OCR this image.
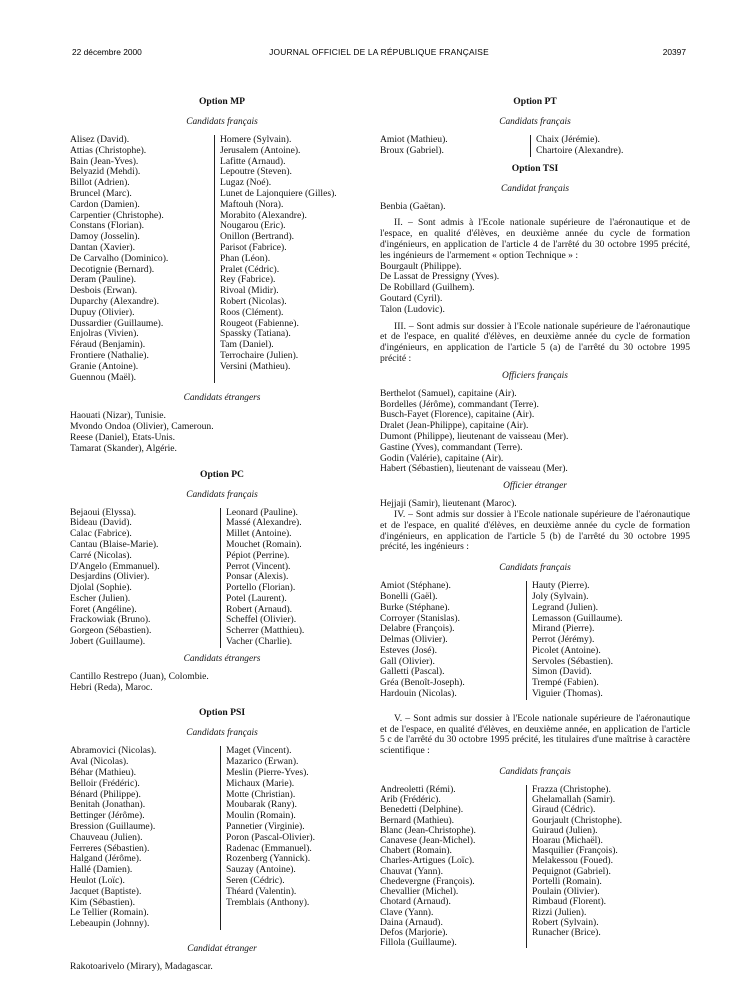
22 décembre 2000	JOURNAL OFFICIEL DE LA RÉPUBLIQUE FRANÇAISE	20397
Option MP
Candidats français
Alisez (David).
Attias (Christophe).
Bain (Jean-Yves).
Belyazid (Mehdi).
Billot (Adrien).
Bruncel (Marc).
Cardon (Damien).
Carpentier (Christophe).
Constans (Florian).
Damoy (Josselin).
Dantan (Xavier).
De Carvalho (Dominico).
Decotignie (Bernard).
Deram (Pauline).
Desbois (Erwan).
Duparchy (Alexandre).
Dupuy (Olivier).
Dussardier (Guillaume).
Enjolras (Vivien).
Féraud (Benjamin).
Frontiere (Nathalie).
Granie (Antoine).
Guennou (Maël).
Homere (Sylvain).
Jerusalem (Antoine).
Lafitte (Arnaud).
Lepoutre (Steven).
Lugaz (Noé).
Lunet de Lajonquiere (Gilles).
Maftouh (Nora).
Morabito (Alexandre).
Nougarou (Eric).
Onillon (Bertrand).
Parisot (Fabrice).
Phan (Léon).
Pralet (Cédric).
Rey (Fabrice).
Rivoal (Midir).
Robert (Nicolas).
Roos (Clément).
Rougeot (Fabienne).
Spassky (Tatiana).
Tam (Daniel).
Terrochaire (Julien).
Versini (Mathieu).
Candidats étrangers
Haouati (Nizar), Tunisie.
Mvondo Ondoa (Olivier), Cameroun.
Reese (Daniel), Etats-Unis.
Tamarat (Skander), Algérie.
Option PC
Candidats français
Bejaoui (Elyssa).
Bideau (David).
Calac (Fabrice).
Cantau (Blaise-Marie).
Carré (Nicolas).
D'Angelo (Emmanuel).
Desjardins (Olivier).
Djolal (Sophie).
Escher (Julien).
Foret (Angéline).
Frackowiak (Bruno).
Gorgeon (Sébastien).
Jobert (Guillaume).
Leonard (Pauline).
Massé (Alexandre).
Millet (Antoine).
Mouchet (Romain).
Pépiot (Perrine).
Perrot (Vincent).
Ponsar (Alexis).
Portello (Florian).
Potel (Laurent).
Robert (Arnaud).
Scheffel (Olivier).
Scherrer (Matthieu).
Vacher (Charlie).
Candidats étrangers
Cantillo Restrepo (Juan), Colombie.
Hebri (Reda), Maroc.
Option PSI
Candidats français
Abramovici (Nicolas).
Aval (Nicolas).
Béhar (Mathieu).
Belloir (Frédéric).
Bénard (Philippe).
Benitah (Jonathan).
Bettinger (Jérôme).
Bression (Guillaume).
Chauveau (Julien).
Ferreres (Sébastien).
Halgand (Jérôme).
Hallé (Damien).
Heulot (Loïc).
Jacquet (Baptiste).
Kim (Sébastien).
Le Tellier (Romain).
Lebeaupin (Johnny).
Maget (Vincent).
Mazarico (Erwan).
Meslin (Pierre-Yves).
Michaux (Marie).
Motte (Christian).
Moubarak (Rany).
Moulin (Romain).
Pannetier (Virginie).
Poron (Pascal-Olivier).
Radenac (Emmanuel).
Rozenberg (Yannick).
Sauzay (Antoine).
Seren (Cédric).
Théard (Valentin).
Tremblais (Anthony).
Candidat étranger
Rakotoarivelo (Mirary), Madagascar.
Option PT
Candidats français
Amiot (Mathieu).
Broux (Gabriel).
Chaix (Jérémie).
Chartoire (Alexandre).
Option TSI
Candidat français
Benbia (Gaëtan).

II. – Sont admis à l'Ecole nationale supérieure de l'aéronautique et de l'espace, en qualité d'élèves, en deuxième année du cycle de formation d'ingénieurs, en application de l'article 4 de l'arrêté du 30 octobre 1995 précité, les ingénieurs de l'armement « option Technique » :

Bourgault (Philippe).
De Lassat de Pressigny (Yves).
De Robillard (Guilhem).
Goutard (Cyril).
Talon (Ludovic).

III. – Sont admis sur dossier à l'Ecole nationale supérieure de l'aéronautique et de l'espace, en qualité d'élèves, en deuxième année du cycle de formation d'ingénieurs, en application de l'article 5 (a) de l'arrêté du 30 octobre 1995 précité :

Officiers français
Berthelot (Samuel), capitaine (Air).
Bordelles (Jérôme), commandant (Terre).
Busch-Fayet (Florence), capitaine (Air).
Dralet (Jean-Philippe), capitaine (Air).
Dumont (Philippe), lieutenant de vaisseau (Mer).
Gastine (Yves), commandant (Terre).
Godin (Valérie), capitaine (Air).
Habert (Sébastien), lieutenant de vaisseau (Mer).
Officier étranger
Hejjaji (Samir), lieutenant (Maroc).

IV. – Sont admis sur dossier à l'Ecole nationale supérieure de l'aéronautique et de l'espace, en qualité d'élèves, en deuxième année du cycle de formation d'ingénieurs, en application de l'article 5 (b) de l'arrêté du 30 octobre 1995 précité, les ingénieurs :

Candidats français
Amiot (Stéphane).
Bonelli (Gaël).
Burke (Stéphane).
Corroyer (Stanislas).
Delabre (François).
Delmas (Olivier).
Esteves (José).
Gall (Olivier).
Galletti (Pascal).
Gréa (Benoît-Joseph).
Hardouin (Nicolas).
Hauty (Pierre).
Joly (Sylvain).
Legrand (Julien).
Lemasson (Guillaume).
Mirand (Pierre).
Perrot (Jérémy).
Picolet (Antoine).
Servoles (Sébastien).
Simon (David).
Trempé (Fabien).
Viguier (Thomas).

V. – Sont admis sur dossier à l'Ecole nationale supérieure de l'aéronautique et de l'espace, en qualité d'élèves, en deuxième année, en application de l'article 5 c de l'arrêté du 30 octobre 1995 précité, les titulaires d'une maîtrise à caractère scientifique :

Candidats français
Andreoletti (Rémi).
Arib (Frédéric).
Benedetti (Delphine).
Bernard (Mathieu).
Blanc (Jean-Christophe).
Canavese (Jean-Michel).
Chabert (Romain).
Charles-Artigues (Loïc).
Chauvat (Yann).
Chedevergne (François).
Chevallier (Michel).
Chotard (Arnaud).
Clave (Yann).
Daina (Arnaud).
Defos (Marjorie).
Fillola (Guillaume).
Frazza (Christophe).
Ghelamallah (Samir).
Giraud (Cédric).
Gourjault (Christophe).
Guiraud (Julien).
Hoarau (Michaël).
Masquilier (François).
Melakessou (Foued).
Pequignot (Gabriel).
Portelli (Romain).
Poulain (Olivier).
Rimbaud (Florent).
Rizzi (Julien).
Robert (Sylvain).
Runacher (Brice).
